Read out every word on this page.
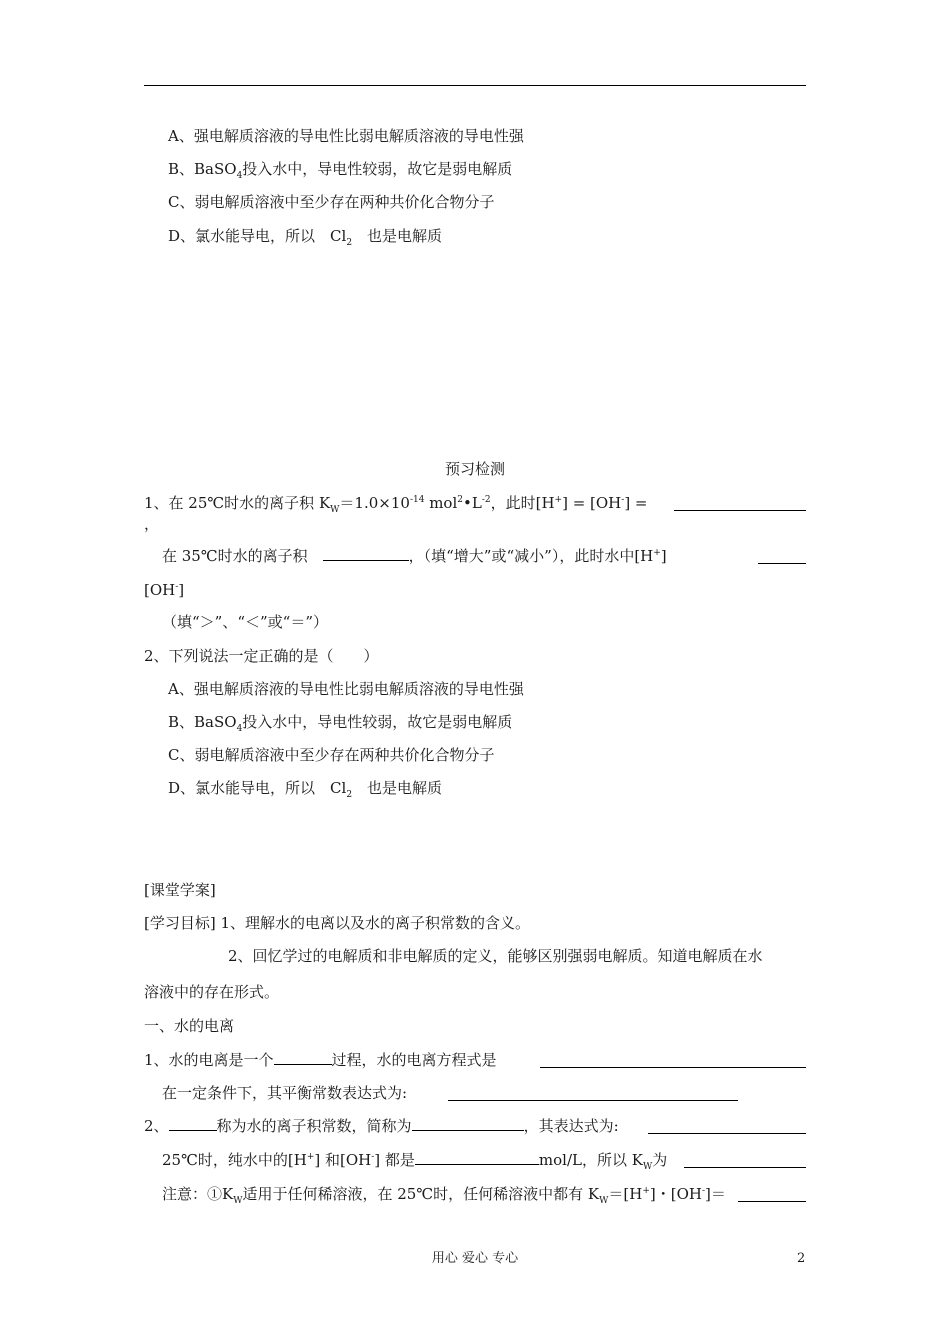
A、强电解质溶液的导电性比弱电解质溶液的导电性强
B、BaSO$_4$投入水中，导电性较弱，故它是弱电解质
C、弱电解质溶液中至少存在两种共价化合物分子
D、氯水能导电，所以　$Cl_2$　也是电解质
预习检测
1、在 25℃时水的离子积 $K_W=1.0\times 10^{-14}$ $mol^2•L^{-2}$，此时[H+] = [OH-] =
，
在 35℃时水的离子积　	，（填“增大”或“减小”），此时水中[H+]
[OH-]
（填“＞”、“＜”或“＝”）
2、下列说法一定正确的是（　　）
A、强电解质溶液的导电性比弱电解质溶液的导电性强
B、BaSO$_4$投入水中，导电性较弱，故它是弱电解质
C、弱电解质溶液中至少存在两种共价化合物分子
D、氯水能导电，所以　$Cl_2$　也是电解质
[课堂学案]
[学习目标] 1、理解水的电离以及水的离子积常数的含义。
2、回忆学过的电解质和非电解质的定义，能够区别强弱电解质。知道电解质在水
溶液中的存在形式。
一、水的电离
1、水的电离是一个	过程，水的电离方程式是
在一定条件下，其平衡常数表达式为:
2、	称为水的离子积常数，简称为	，其表达式为:
25℃时，纯水中的[H+] 和[OH-] 都是	mol/L，所以 $K_W$为
注意：$①K_W$适用于任何稀溶液，在 25℃时，任何稀溶液中都有 $K_W=[H^+]$・[OH-]＝
用心 爱心 专心	2
